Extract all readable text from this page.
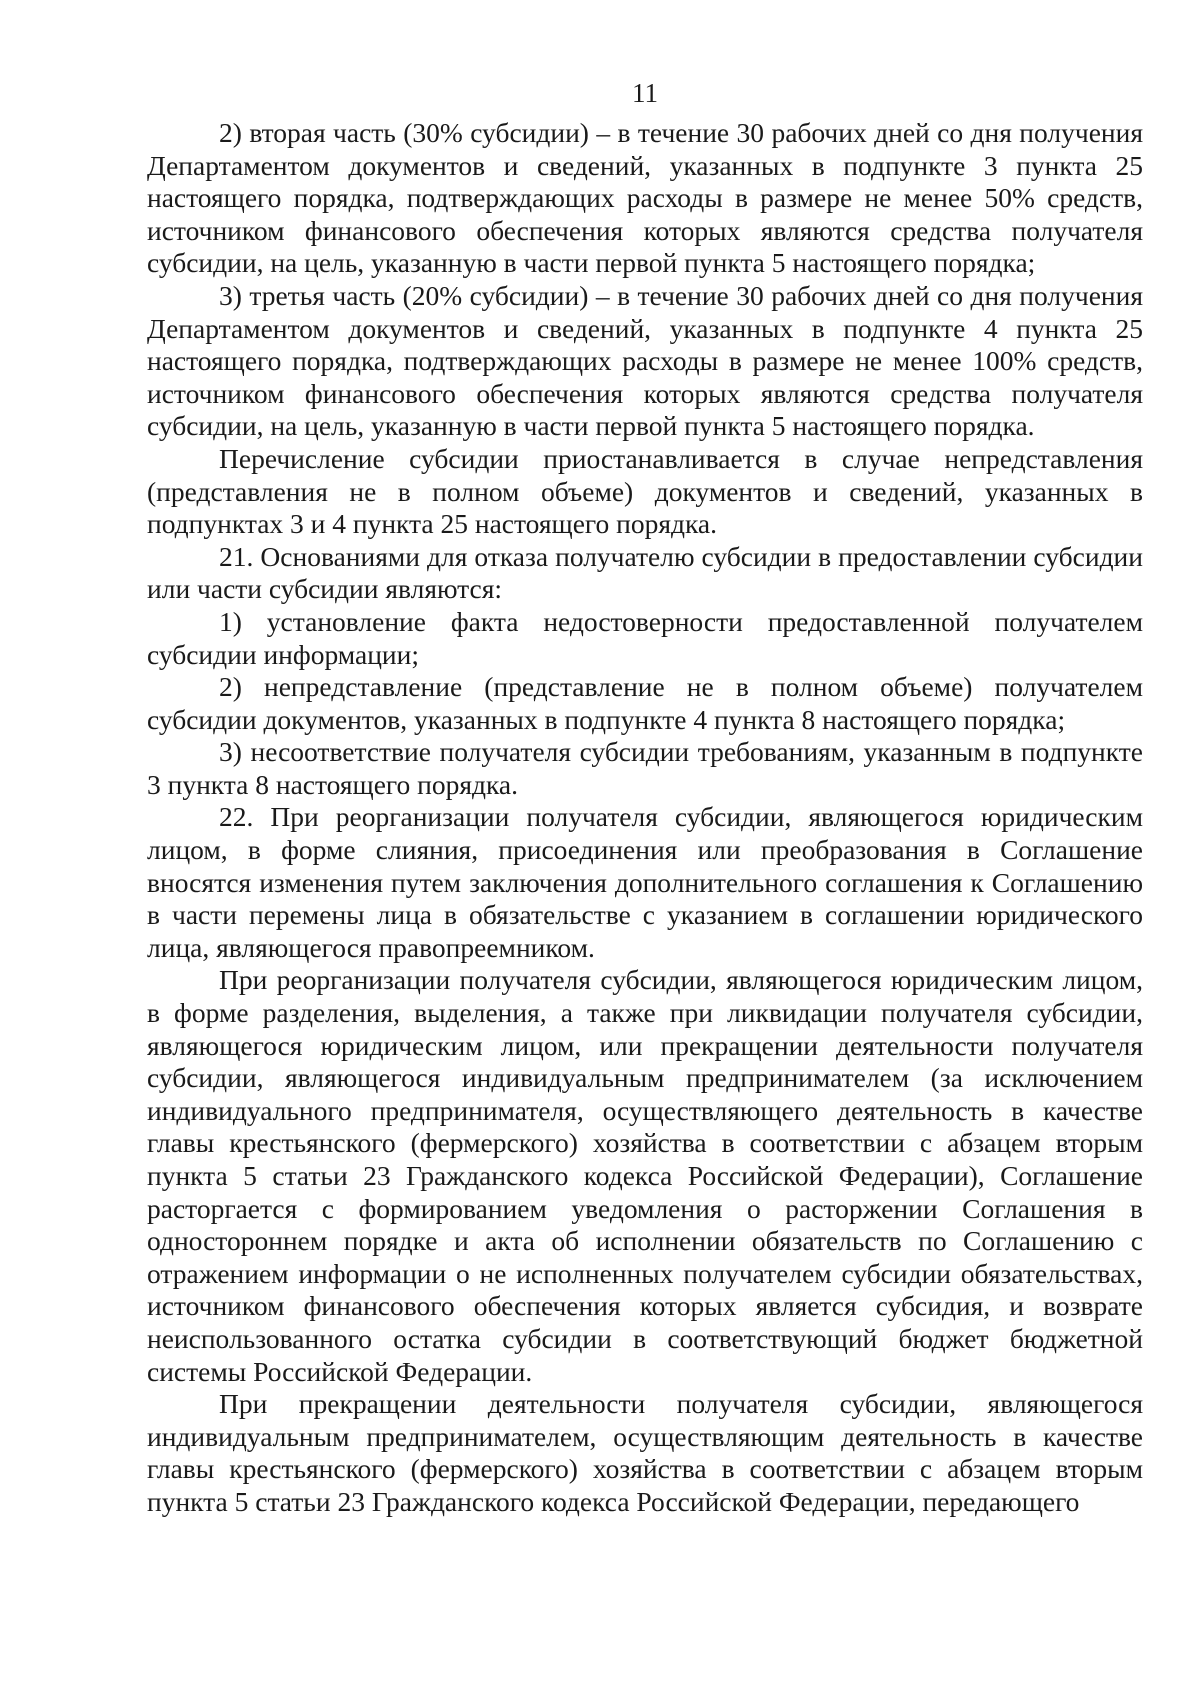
11

2) вторая часть (30% субсидии) – в течение 30 рабочих дней со дня получения Департаментом документов и сведений, указанных в подпункте 3 пункта 25 настоящего порядка, подтверждающих расходы в размере не менее 50% средств, источником финансового обеспечения которых являются средства получателя субсидии, на цель, указанную в части первой пункта 5 настоящего порядка;

3) третья часть (20% субсидии) – в течение 30 рабочих дней со дня получения Департаментом документов и сведений, указанных в подпункте 4 пункта 25 настоящего порядка, подтверждающих расходы в размере не менее 100% средств, источником финансового обеспечения которых являются средства получателя субсидии, на цель, указанную в части первой пункта 5 настоящего порядка.

Перечисление субсидии приостанавливается в случае непредставления (представления не в полном объеме) документов и сведений, указанных в подпунктах 3 и 4 пункта 25 настоящего порядка.

21. Основаниями для отказа получателю субсидии в предоставлении субсидии или части субсидии являются:

1) установление факта недостоверности предоставленной получателем субсидии информации;

2) непредставление (представление не в полном объеме) получателем субсидии документов, указанных в подпункте 4 пункта 8 настоящего порядка;

3) несоответствие получателя субсидии требованиям, указанным в подпункте 3 пункта 8 настоящего порядка.

22. При реорганизации получателя субсидии, являющегося юридическим лицом, в форме слияния, присоединения или преобразования в Соглашение вносятся изменения путем заключения дополнительного соглашения к Соглашению в части перемены лица в обязательстве с указанием в соглашении юридического лица, являющегося правопреемником.

При реорганизации получателя субсидии, являющегося юридическим лицом, в форме разделения, выделения, а также при ликвидации получателя субсидии, являющегося юридическим лицом, или прекращении деятельности получателя субсидии, являющегося индивидуальным предпринимателем (за исключением индивидуального предпринимателя, осуществляющего деятельность в качестве главы крестьянского (фермерского) хозяйства в соответствии с абзацем вторым пункта 5 статьи 23 Гражданского кодекса Российской Федерации), Соглашение расторгается с формированием уведомления о расторжении Соглашения в одностороннем порядке и акта об исполнении обязательств по Соглашению с отражением информации о не исполненных получателем субсидии обязательствах, источником финансового обеспечения которых является субсидия, и возврате неиспользованного остатка субсидии в соответствующий бюджет бюджетной системы Российской Федерации.

При прекращении деятельности получателя субсидии, являющегося индивидуальным предпринимателем, осуществляющим деятельность в качестве главы крестьянского (фермерского) хозяйства в соответствии с абзацем вторым пункта 5 статьи 23 Гражданского кодекса Российской Федерации, передающего
